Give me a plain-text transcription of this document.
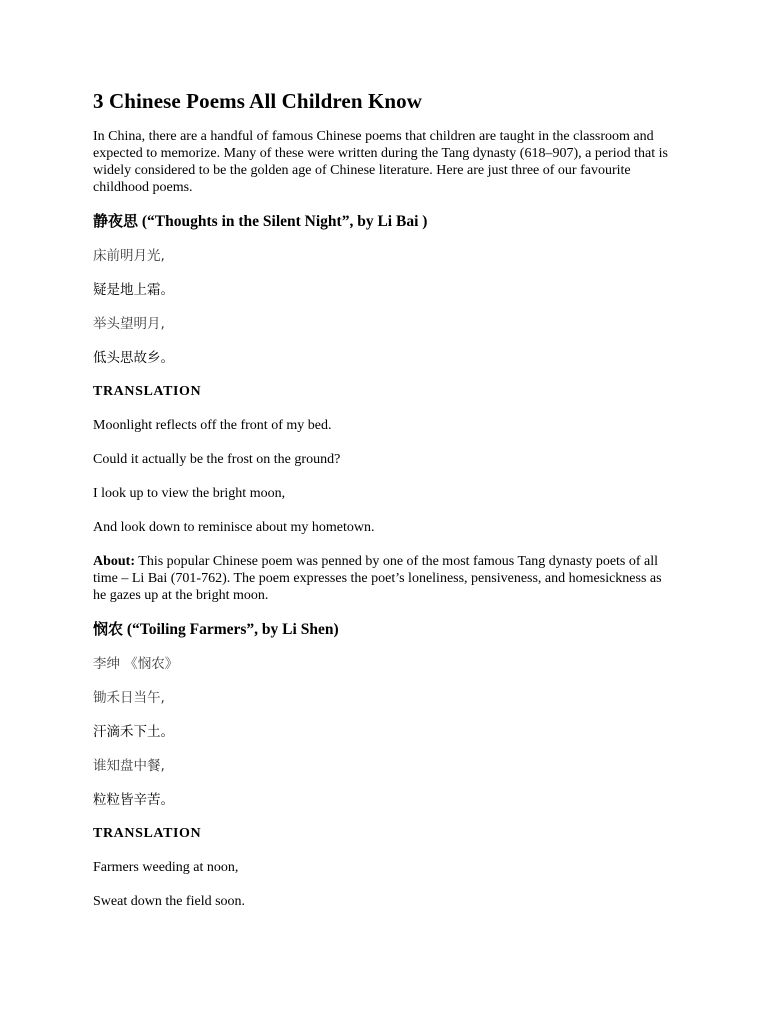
3 Chinese Poems All Children Know

In China, there are a handful of famous Chinese poems that children are taught in the classroom and expected to memorize. Many of these were written during the Tang dynasty (618–907), a period that is widely considered to be the golden age of Chinese literature. Here are just three of our favourite childhood poems.

静夜思 (“Thoughts in the Silent Night”, by Li Bai )
床前明月光,
疑是地上霜。
举头望明月,
低头思故乡。
TRANSLATION
Moonlight reflects off the front of my bed.
Could it actually be the frost on the ground?
I look up to view the bright moon,
And look down to reminisce about my hometown.

About: This popular Chinese poem was penned by one of the most famous Tang dynasty poets of all time – Li Bai (701-762). The poem expresses the poet’s loneliness, pensiveness, and homesickness as he gazes up at the bright moon.

悯农 (“Toiling Farmers”, by Li Shen)
李绅 《悯农》
锄禾日当午,
汗滴禾下土。
谁知盘中餐,
粒粒皆辛苦。
TRANSLATION
Farmers weeding at noon,
Sweat down the field soon.
